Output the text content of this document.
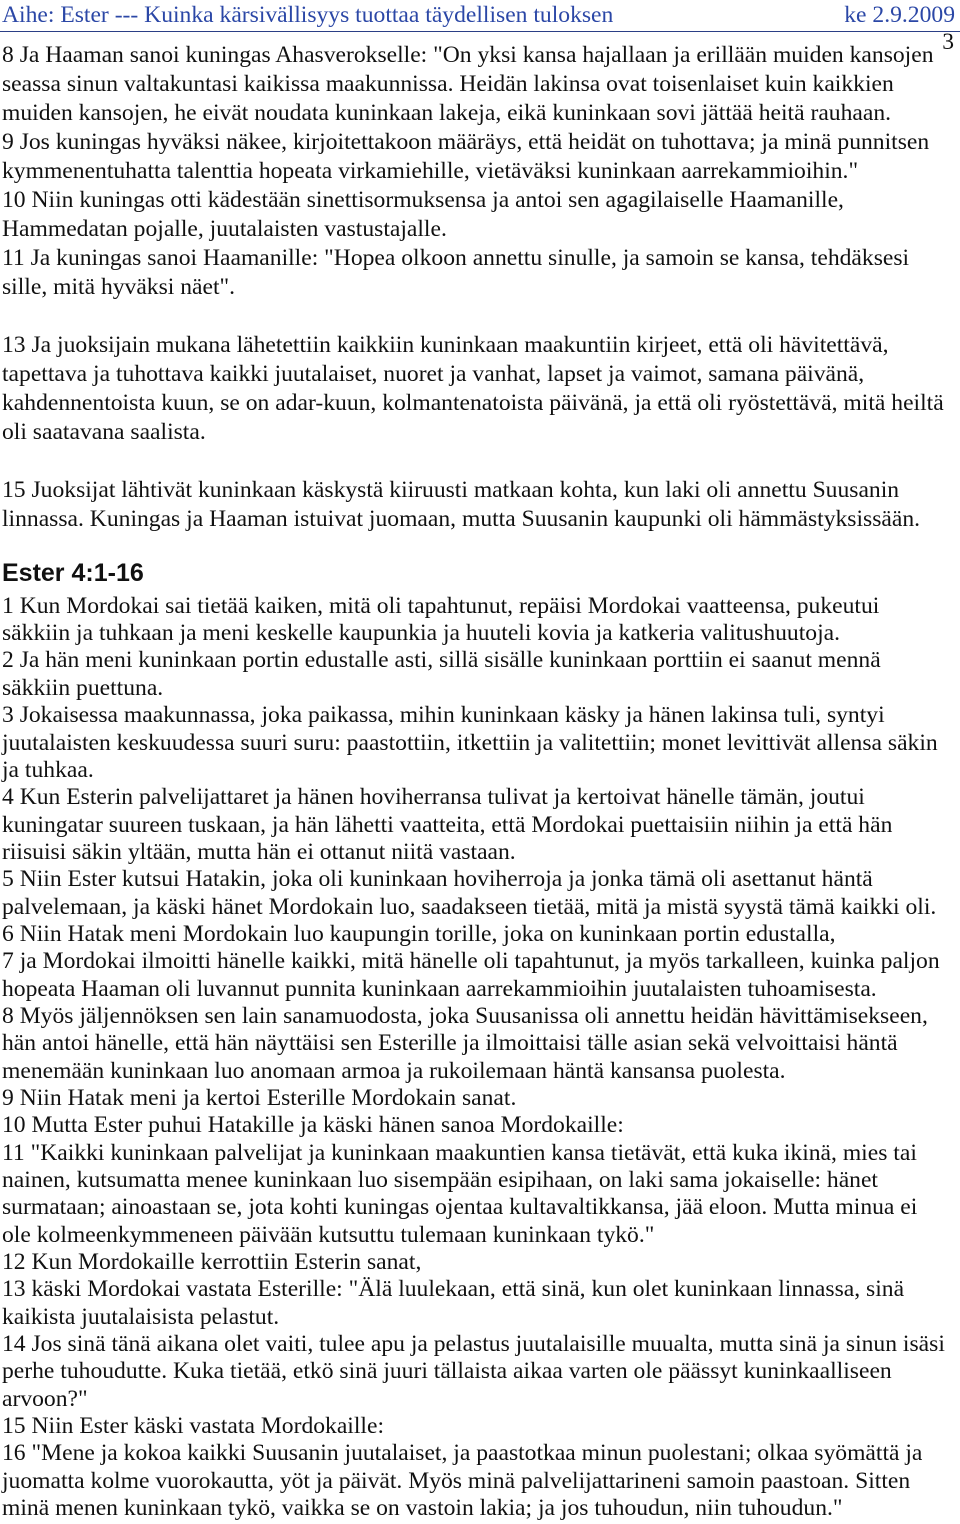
Aihe: Ester --- Kuinka kärsivällisyys tuottaa täydellisen tuloksen	ke 2.9.2009
3
8 Ja Haaman sanoi kuningas Ahasverokselle: "On yksi kansa hajallaan ja erillään muiden kansojen
seassa sinun valtakuntasi kaikissa maakunnissa. Heidän lakinsa ovat toisenlaiset kuin kaikkien
muiden kansojen, he eivät noudata kuninkaan lakeja, eikä kuninkaan sovi jättää heitä rauhaan.
9 Jos kuningas hyväksi näkee, kirjoitettakoon määräys, että heidät on tuhottava; ja minä punnitsen
kymmenentuhatta talenttia hopeata virkamiehille, vietäväksi kuninkaan aarrekammioihin."
10 Niin kuningas otti kädestään sinettisormuksensa ja antoi sen agagilaiselle Haamanille,
Hammedatan pojalle, juutalaisten vastustajalle.
11 Ja kuningas sanoi Haamanille: "Hopea olkoon annettu sinulle, ja samoin se kansa, tehdäksesi
sille, mitä hyväksi näet".
13 Ja juoksijain mukana lähetettiin kaikkiin kuninkaan maakuntiin kirjeet, että oli hävitettävä,
tapettava ja tuhottava kaikki juutalaiset, nuoret ja vanhat, lapset ja vaimot, samana päivänä,
kahdennentoista kuun, se on adar-kuun, kolmantenatoista päivänä, ja että oli ryöstettävä, mitä heiltä
oli saatavana saalista.
15 Juoksijat lähtivät kuninkaan käskystä kiiruusti matkaan kohta, kun laki oli annettu Suusanin
linnassa. Kuningas ja Haaman istuivat juomaan, mutta Suusanin kaupunki oli hämmästyksissään.
Ester 4:1-16
1 Kun Mordokai sai tietää kaiken, mitä oli tapahtunut, repäisi Mordokai vaatteensa, pukeutui
säkkiin ja tuhkaan ja meni keskelle kaupunkia ja huuteli kovia ja katkeria valitushuutoja.
2 Ja hän meni kuninkaan portin edustalle asti, sillä sisälle kuninkaan porttiin ei saanut mennä
säkkiin puettuna.
3 Jokaisessa maakunnassa, joka paikassa, mihin kuninkaan käsky ja hänen lakinsa tuli, syntyi
juutalaisten keskuudessa suuri suru: paastottiin, itkettiin ja valitettiin; monet levittivät allensa säkin
ja tuhkaa.
4 Kun Esterin palvelijattaret ja hänen hoviherransa tulivat ja kertoivat hänelle tämän, joutui
kuningatar suureen tuskaan, ja hän lähetti vaatteita, että Mordokai puettaisiin niihin ja että hän
riisuisi säkin yltään, mutta hän ei ottanut niitä vastaan.
5 Niin Ester kutsui Hatakin, joka oli kuninkaan hoviherroja ja jonka tämä oli asettanut häntä
palvelemaan, ja käski hänet Mordokain luo, saadakseen tietää, mitä ja mistä syystä tämä kaikki oli.
6 Niin Hatak meni Mordokain luo kaupungin torille, joka on kuninkaan portin edustalla,
7 ja Mordokai ilmoitti hänelle kaikki, mitä hänelle oli tapahtunut, ja myös tarkalleen, kuinka paljon
hopeata Haaman oli luvannut punnita kuninkaan aarrekammioihin juutalaisten tuhoamisesta.
8 Myös jäljennöksen sen lain sanamuodosta, joka Suusanissa oli annettu heidän hävittämisekseen,
hän antoi hänelle, että hän näyttäisi sen Esterille ja ilmoittaisi tälle asian sekä velvoittaisi häntä
menemään kuninkaan luo anomaan armoa ja rukoilemaan häntä kansansa puolesta.
9 Niin Hatak meni ja kertoi Esterille Mordokain sanat.
10 Mutta Ester puhui Hatakille ja käski hänen sanoa Mordokaille:
11 "Kaikki kuninkaan palvelijat ja kuninkaan maakuntien kansa tietävät, että kuka ikinä, mies tai
nainen, kutsumatta menee kuninkaan luo sisempään esipihaan, on laki sama jokaiselle: hänet
surmataan; ainoastaan se, jota kohti kuningas ojentaa kultavaltikkansa, jää eloon. Mutta minua ei
ole kolmeenkymmeneen päivään kutsuttu tulemaan kuninkaan tykö."
12 Kun Mordokaille kerrottiin Esterin sanat,
13 käski Mordokai vastata Esterille: "Älä luulekaan, että sinä, kun olet kuninkaan linnassa, sinä
kaikista juutalaisista pelastut.
14 Jos sinä tänä aikana olet vaiti, tulee apu ja pelastus juutalaisille muualta, mutta sinä ja sinun isäsi
perhe tuhoudutte. Kuka tietää, etkö sinä juuri tällaista aikaa varten ole päässyt kuninkaalliseen
arvoon?"
15 Niin Ester käski vastata Mordokaille:
16 "Mene ja kokoa kaikki Suusanin juutalaiset, ja paastotkaa minun puolestani; olkaa syömättä ja
juomatta kolme vuorokautta, yöt ja päivät. Myös minä palvelijattarineni samoin paastoan. Sitten
minä menen kuninkaan tykö, vaikka se on vastoin lakia; ja jos tuhoudun, niin tuhoudun."
